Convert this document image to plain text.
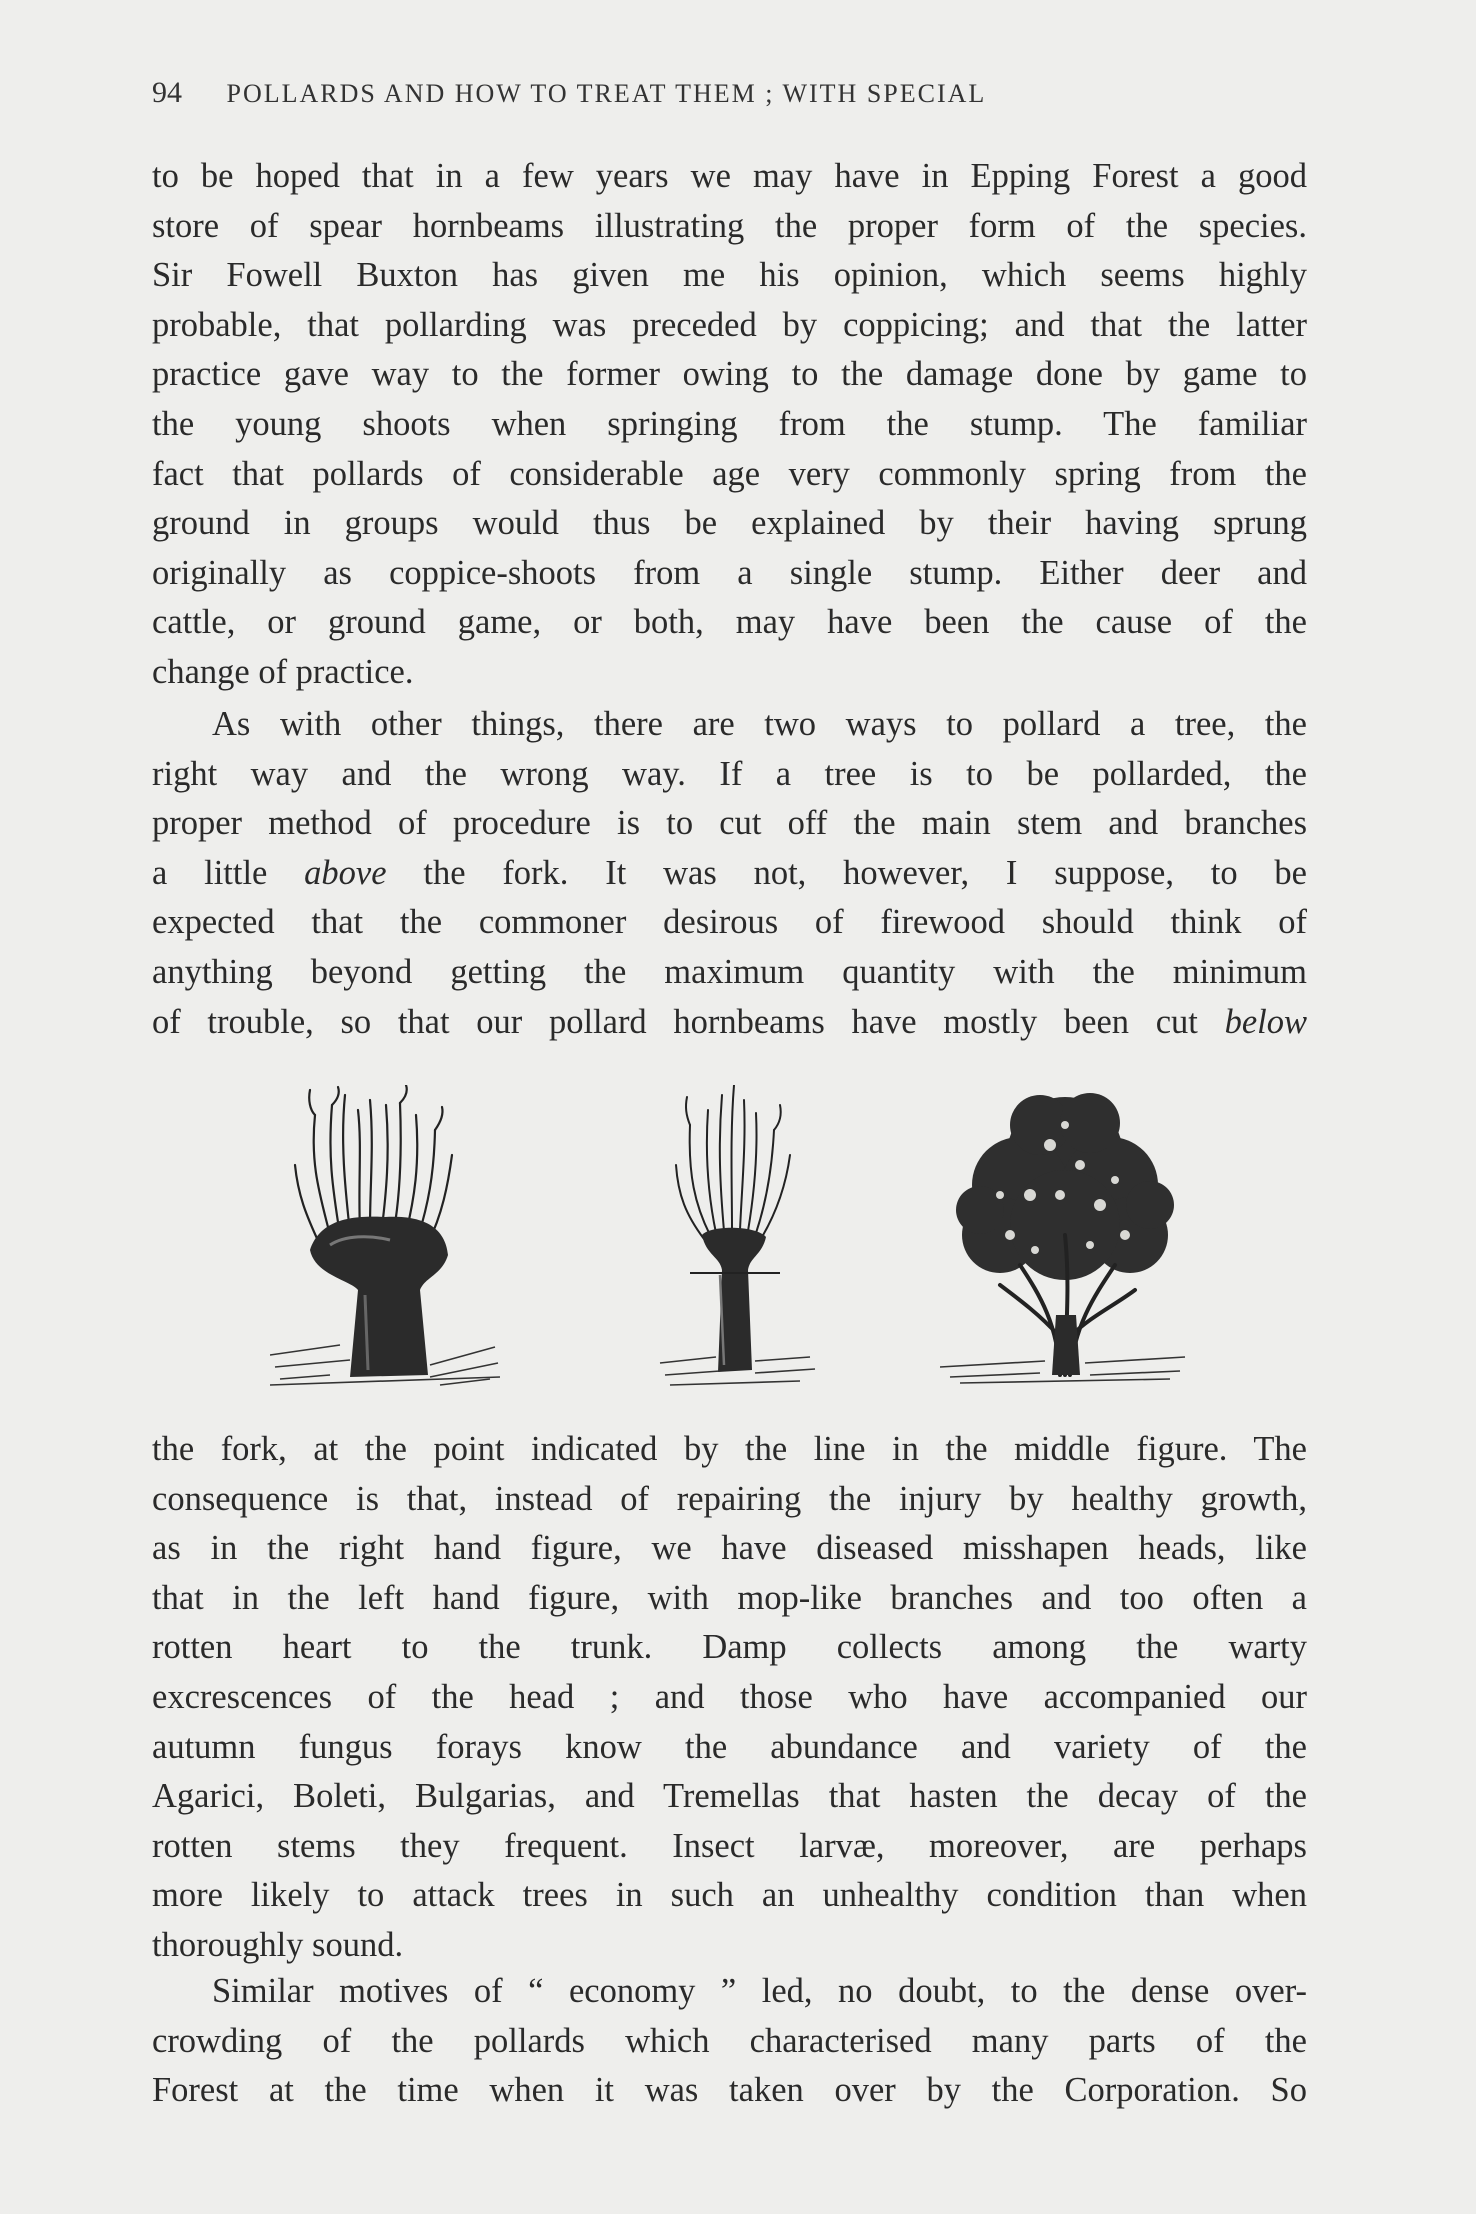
94 POLLARDS AND HOW TO TREAT THEM ; WITH SPECIAL

to be hoped that in a few years we may have in Epping Forest a good
store of spear hornbeams illustrating the proper form of the species.
Sir Fowell Buxton has given me his opinion, which seems highly
probable, that pollarding was preceded by coppicing; and that the latter
practice gave way to the former owing to the damage done by game to
the young shoots when springing from the stump. The familiar
fact that pollards of considerable age very commonly spring from the
ground in groups would thus be explained by their having sprung
originally as coppice-shoots from a single stump. Either deer and
cattle, or ground game, or both, may have been the cause of the
change of practice.

As with other things, there are two ways to pollard a tree, the
right way and the wrong way. If a tree is to be pollarded, the
proper method of procedure is to cut off the main stem and branches
a little above the fork. It was not, however, I suppose, to be
expected that the commoner desirous of firewood should think of
anything beyond getting the maximum quantity with the minimum
of trouble, so that our pollard hornbeams have mostly been cut below

the fork, at the point indicated by the line in the middle figure. The
consequence is that, instead of repairing the injury by healthy growth,
as in the right hand figure, we have diseased misshapen heads, like
that in the left hand figure, with mop-like branches and too often a
rotten heart to the trunk. Damp collects among the warty
excrescences of the head ; and those who have accompanied our
autumn fungus forays know the abundance and variety of the
Agarici, Boleti, Bulgarias, and Tremellas that hasten the decay of the
rotten stems they frequent. Insect larvæ, moreover, are perhaps
more likely to attack trees in such an unhealthy condition than when
thoroughly sound.

Similar motives of “ economy ” led, no doubt, to the dense over-
crowding of the pollards which characterised many parts of the
Forest at the time when it was taken over by the Corporation. So
